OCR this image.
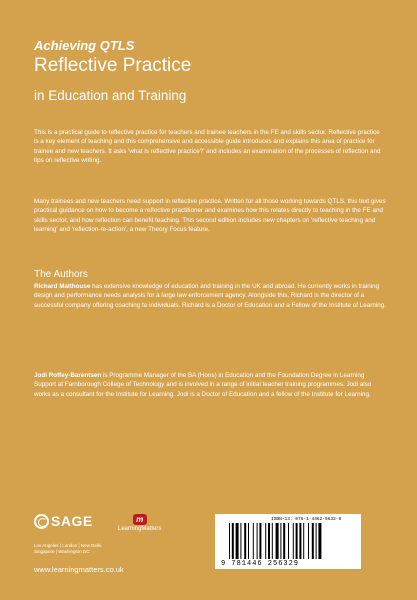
Achieving QTLS
Reflective Practice
in Education and Training

This is a practical guide to reflective practice for teachers and trainee teachers in the FE and skills sector. Reflective practice is a key element of teaching and this comprehensive and accessible guide introduces and explains this area of practice for trainee and new teachers. It asks 'what is reflective practice?' and includes an examination of the processes of reflection and tips on reflective writing.

Many trainees and new teachers need support in reflective practice. Written for all those working towards QTLS, this text gives practical guidance on how to become a reflective practitioner and examines how this relates directly to teaching in the FE and skills sector, and how reflection can benefit teaching. This second edition includes new chapters on 'reflective teaching and learning' and 'reflection-re-action', a new Theory Focus feature.

The Authors

Richard Malthouse has extensive knowledge of education and training in the UK and abroad. He currently works in training design and performance needs analysis for a large law enforcement agency. Alongside this, Richard is the director of a successful company offering coaching to individuals. Richard is a Doctor of Education and a Fellow of the Institute of Learning.

Jodi Roffey-Barentsen is Programme Manager of the BA (Hons) in Education and the Foundation Degree in Learning Support at Farnborough College of Technology and is involved in a range of initial teacher training programmes. Jodi also works as a consultant for the Institute for Learning. Jodi is a Doctor of Education and a fellow of the Institute for Learning.

SAGE	m
LearningMatters
Los Angeles | London | New Delhi Singapore | Washington DC
www.learningmatters.co.uk
ISBN-13: 978-1-4462-5632-9
9 781446 256329
